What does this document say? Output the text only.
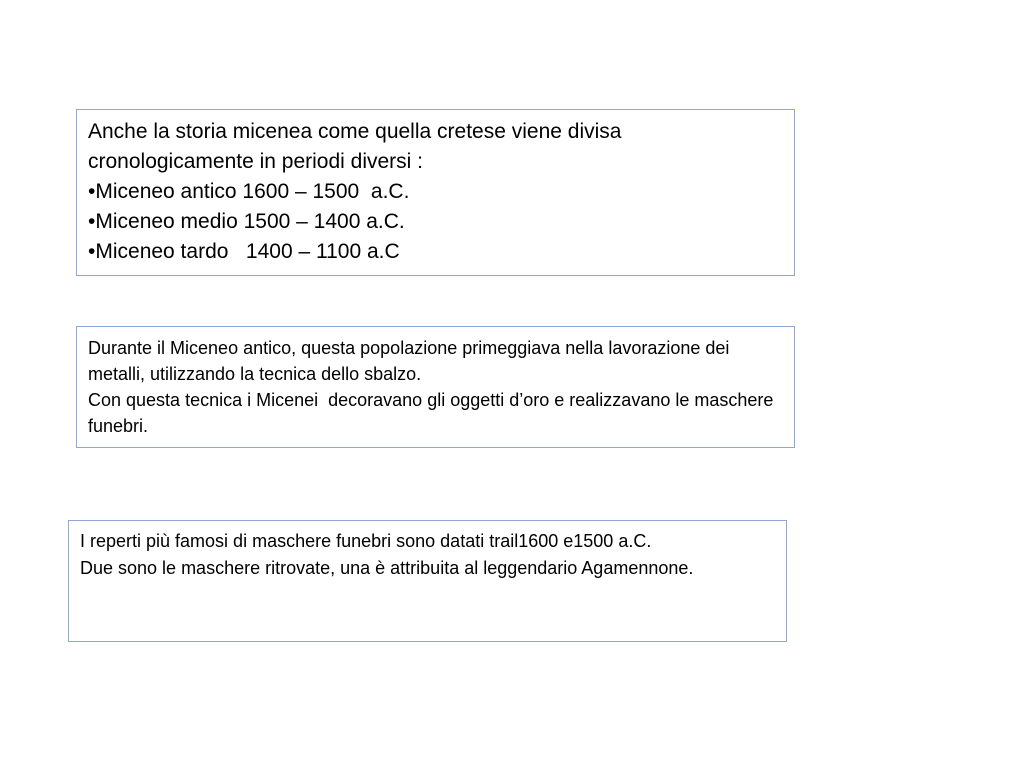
Anche la storia micenea come quella cretese viene divisa cronologicamente in periodi diversi :

•Miceneo antico 1600 – 1500  a.C.

•Miceneo medio 1500 – 1400 a.C.

•Miceneo tardo   1400 – 1100 a.C

Durante il Miceneo antico, questa popolazione primeggiava nella lavorazione dei metalli, utilizzando la tecnica dello sbalzo.

Con questa tecnica i Micenei  decoravano gli oggetti d’oro e realizzavano le maschere funebri.

I reperti più famosi di maschere funebri sono datati trail1600 e1500 a.C.

Due sono le maschere ritrovate, una è attribuita al leggendario Agamennone.
